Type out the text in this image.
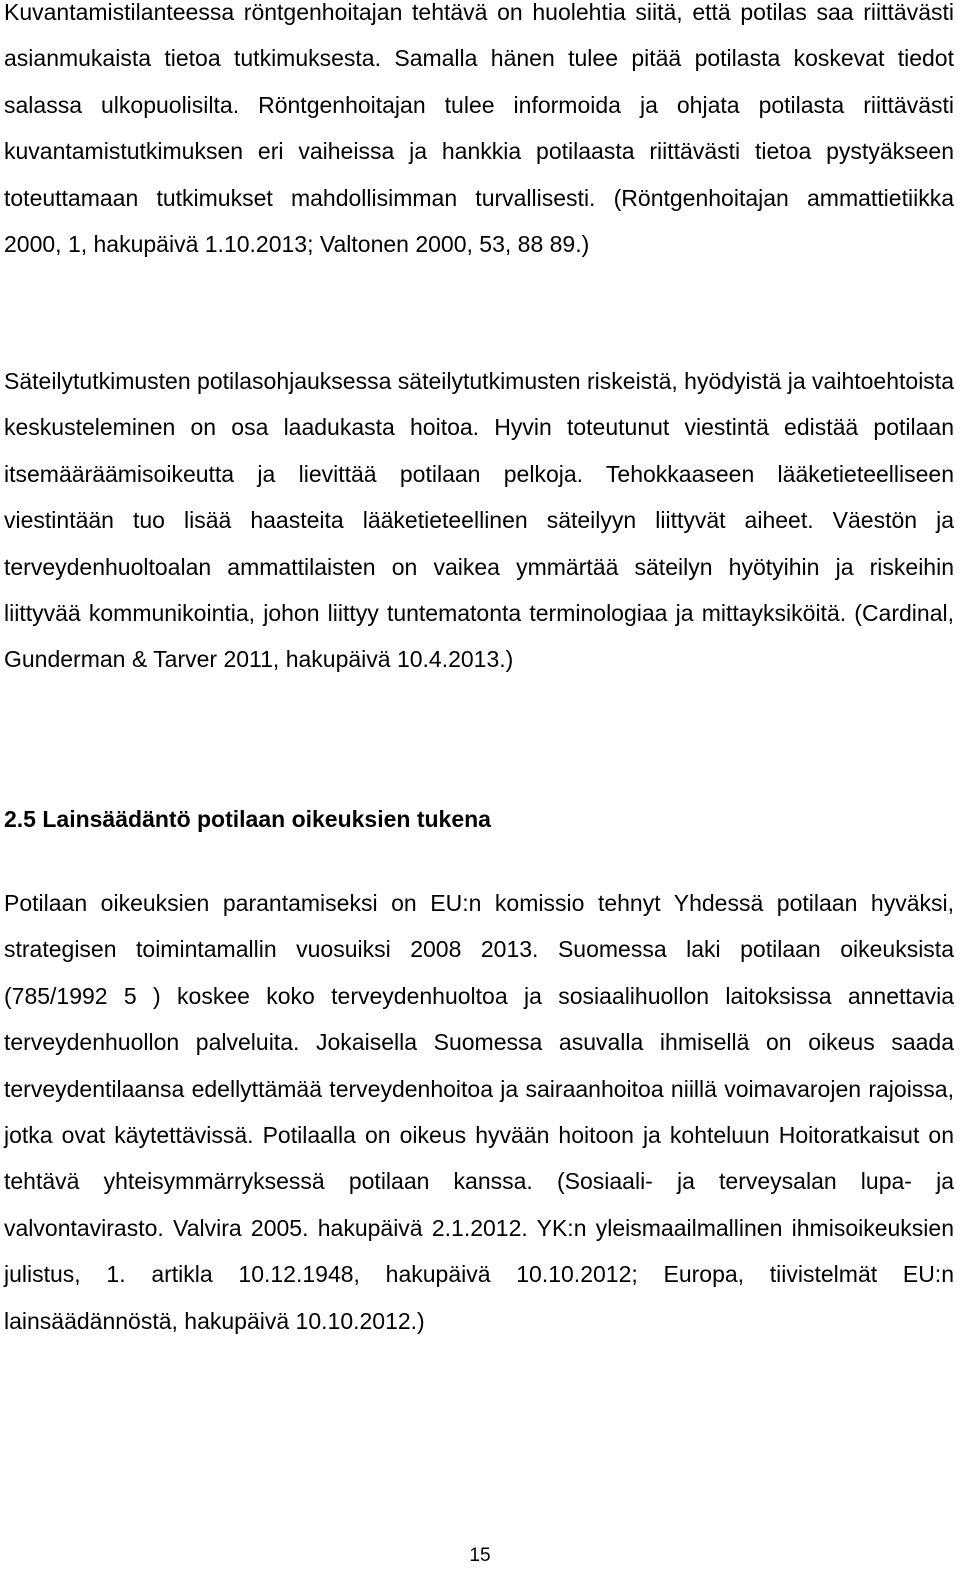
Kuvantamistilanteessa röntgenhoitajan tehtävä on huolehtia siitä, että potilas saa riittävästi asianmukaista tietoa tutkimuksesta. Samalla hänen tulee pitää potilasta koskevat tiedot salassa ulkopuolisilta. Röntgenhoitajan tulee informoida ja ohjata potilasta riittävästi kuvantamistutkimuksen eri vaiheissa ja hankkia potilaasta riittävästi tietoa pystyäkseen toteuttamaan tutkimukset mahdollisimman turvallisesti. (Röntgenhoitajan ammattietiikka 2000, 1, hakupäivä 1.10.2013; Valtonen 2000, 53, 88 89.)

Säteilytutkimusten potilasohjauksessa säteilytutkimusten riskeistä, hyödyistä ja vaihtoehtoista keskusteleminen on osa laadukasta hoitoa. Hyvin toteutunut viestintä edistää potilaan itsemääräämisoikeutta ja lievittää potilaan pelkoja. Tehokkaaseen lääketieteelliseen viestintään tuo lisää haasteita lääketieteellinen säteilyyn liittyvät aiheet. Väestön ja terveydenhuoltoalan ammattilaisten on vaikea ymmärtää säteilyn hyötyihin ja riskeihin liittyvää kommunikointia, johon liittyy tuntematonta terminologiaa ja mittayksiköitä. (Cardinal, Gunderman & Tarver 2011, hakupäivä 10.4.2013.)

2.5 Lainsäädäntö potilaan oikeuksien tukena

Potilaan oikeuksien parantamiseksi on EU:n komissio tehnyt Yhdessä potilaan hyväksi, strategisen toimintamallin vuosuiksi 2008 2013. Suomessa laki potilaan oikeuksista (785/1992 5 ) koskee koko terveydenhuoltoa ja sosiaalihuollon laitoksissa annettavia terveydenhuollon palveluita. Jokaisella Suomessa asuvalla ihmisellä on oikeus saada terveydentilaansa edellyttämää terveydenhoitoa ja sairaanhoitoa niillä voimavarojen rajoissa, jotka ovat käytettävissä. Potilaalla on oikeus hyvään hoitoon ja kohteluun Hoitoratkaisut on tehtävä yhteisymmärryksessä potilaan kanssa. (Sosiaali- ja terveysalan lupa- ja valvontavirasto. Valvira 2005. hakupäivä 2.1.2012. YK:n yleismaailmallinen ihmisoikeuksien julistus, 1. artikla 10.12.1948, hakupäivä 10.10.2012; Europa, tiivistelmät EU:n lainsäädännöstä, hakupäivä 10.10.2012.)

15
